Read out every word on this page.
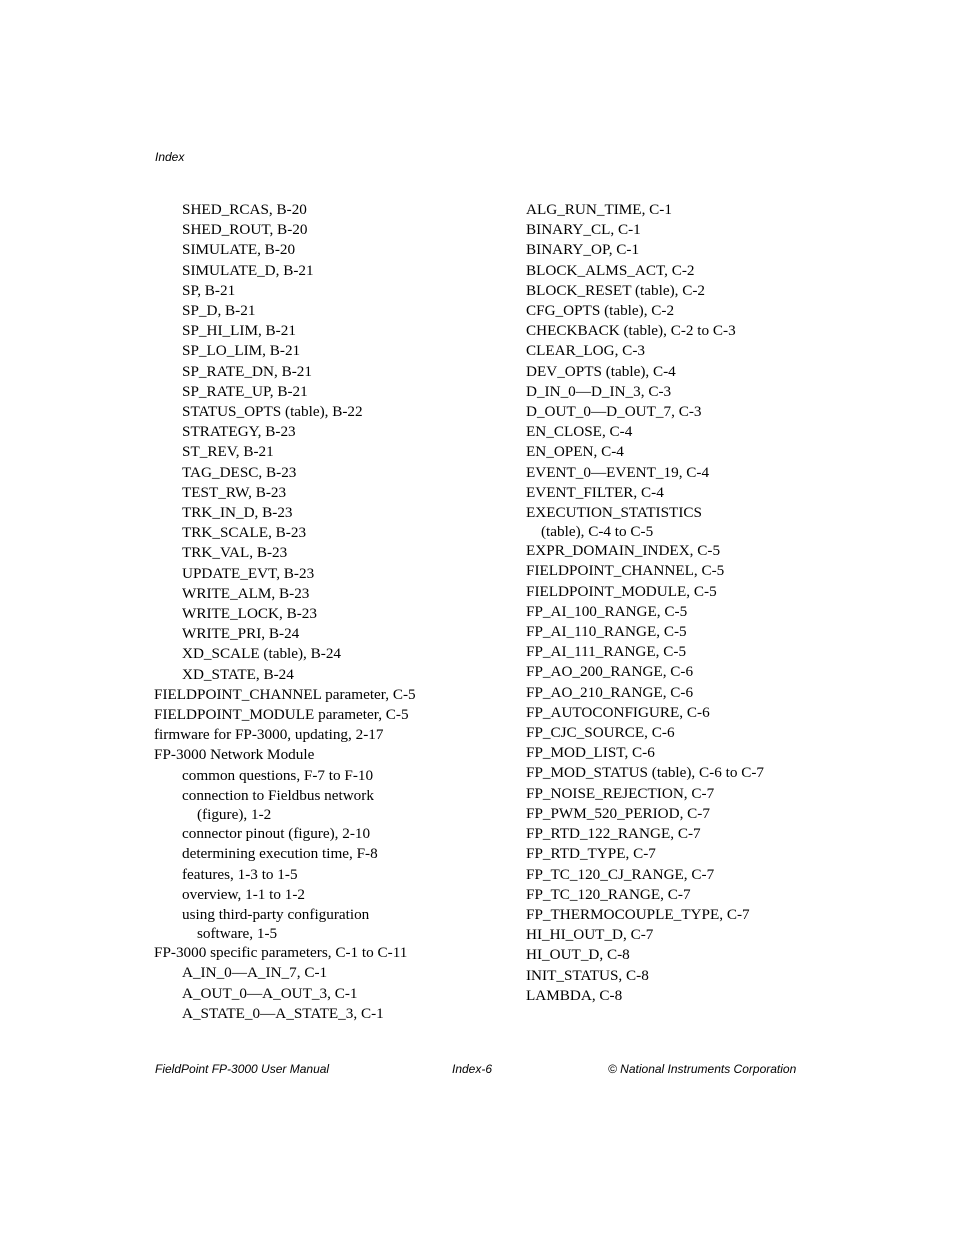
Index
SHED_RCAS, B-20
SHED_ROUT, B-20
SIMULATE, B-20
SIMULATE_D, B-21
SP, B-21
SP_D, B-21
SP_HI_LIM, B-21
SP_LO_LIM, B-21
SP_RATE_DN, B-21
SP_RATE_UP, B-21
STATUS_OPTS (table), B-22
STRATEGY, B-23
ST_REV, B-21
TAG_DESC, B-23
TEST_RW, B-23
TRK_IN_D, B-23
TRK_SCALE, B-23
TRK_VAL, B-23
UPDATE_EVT, B-23
WRITE_ALM, B-23
WRITE_LOCK, B-23
WRITE_PRI, B-24
XD_SCALE (table), B-24
XD_STATE, B-24
FIELDPOINT_CHANNEL parameter, C-5
FIELDPOINT_MODULE parameter, C-5
firmware for FP-3000, updating, 2-17
FP-3000 Network Module
common questions, F-7 to F-10
connection to Fieldbus network
(figure), 1-2
connector pinout (figure), 2-10
determining execution time, F-8
features, 1-3 to 1-5
overview, 1-1 to 1-2
using third-party configuration
software, 1-5
FP-3000 specific parameters, C-1 to C-11
A_IN_0—A_IN_7, C-1
A_OUT_0—A_OUT_3, C-1
A_STATE_0—A_STATE_3, C-1
ALG_RUN_TIME, C-1
BINARY_CL, C-1
BINARY_OP, C-1
BLOCK_ALMS_ACT, C-2
BLOCK_RESET (table), C-2
CFG_OPTS (table), C-2
CHECKBACK (table), C-2 to C-3
CLEAR_LOG, C-3
DEV_OPTS (table), C-4
D_IN_0—D_IN_3, C-3
D_OUT_0—D_OUT_7, C-3
EN_CLOSE, C-4
EN_OPEN, C-4
EVENT_0—EVENT_19, C-4
EVENT_FILTER, C-4
EXECUTION_STATISTICS
(table), C-4 to C-5
EXPR_DOMAIN_INDEX, C-5
FIELDPOINT_CHANNEL, C-5
FIELDPOINT_MODULE, C-5
FP_AI_100_RANGE, C-5
FP_AI_110_RANGE, C-5
FP_AI_111_RANGE, C-5
FP_AO_200_RANGE, C-6
FP_AO_210_RANGE, C-6
FP_AUTOCONFIGURE, C-6
FP_CJC_SOURCE, C-6
FP_MOD_LIST, C-6
FP_MOD_STATUS (table), C-6 to C-7
FP_NOISE_REJECTION, C-7
FP_PWM_520_PERIOD, C-7
FP_RTD_122_RANGE, C-7
FP_RTD_TYPE, C-7
FP_TC_120_CJ_RANGE, C-7
FP_TC_120_RANGE, C-7
FP_THERMOCOUPLE_TYPE, C-7
HI_HI_OUT_D, C-7
HI_OUT_D, C-8
INIT_STATUS, C-8
LAMBDA, C-8
FieldPoint FP-3000 User Manual	Index-6	© National Instruments Corporation
